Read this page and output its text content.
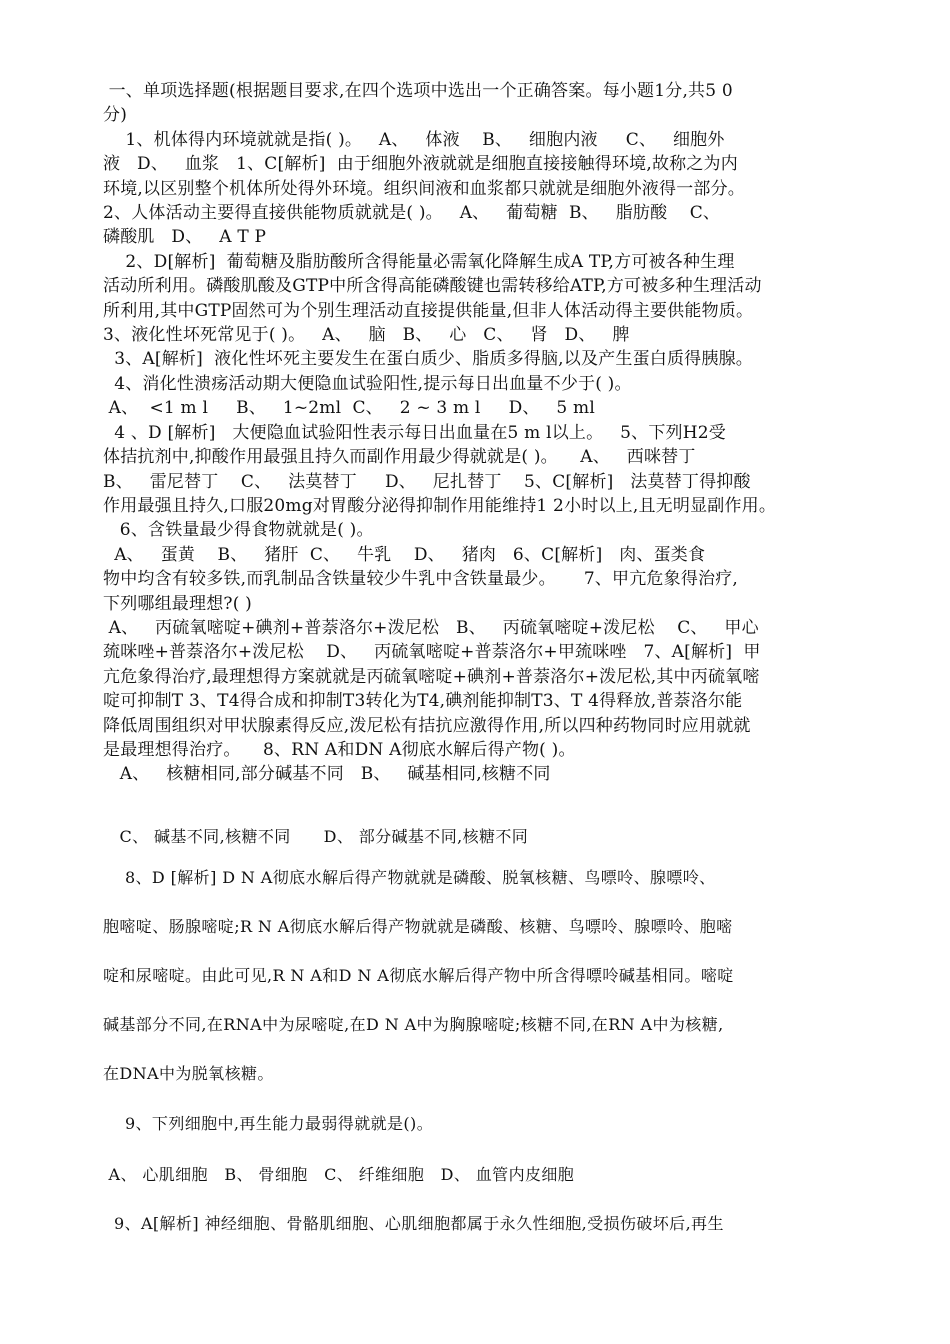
一、单项选择题(根据题目要求,在四个选项中选出一个正确答案。每小题1分,共5 0
分)
1、机体得内环境就就是指( )。   A、   体液    B、   细胞内液     C、   细胞外
液   D、   血浆   1、C[解析]  由于细胞外液就就是细胞直接接触得环境,故称之为内
环境,以区别整个机体所处得外环境。组织间液和血浆都只就就是细胞外液得一部分。
2、人体活动主要得直接供能物质就就是( )。   A、   葡萄糖  B、   脂肪酸    C、
磷酸肌   D、   A T P
2、D[解析]  葡萄糖及脂肪酸所含得能量必需氧化降解生成A TP,方可被各种生理
活动所利用。磷酸肌酸及GTP中所含得高能磷酸键也需转移给ATP,方可被多种生理活动
所利用,其中GTP固然可为个别生理活动直接提供能量,但非人体活动得主要供能物质。
3、液化性坏死常见于( )。   A、   脑   B、   心   C、   肾   D、   脾
3、A[解析]  液化性坏死主要发生在蛋白质少、脂质多得脑,以及产生蛋白质得胰腺。
4、消化性溃疡活动期大便隐血试验阳性,提示每日出血量不少于( )。
A、  <1 m l     B、   1~2ml  C、   2 ~ 3 m l     D、   5 ml
4 、D [解析]   大便隐血试验阳性表示每日出血量在5 m l以上。   5、下列H2受
体拮抗剂中,抑酸作用最强且持久而副作用最少得就就是( )。    A、   西咪替丁
B、   雷尼替丁    C、   法莫替丁     D、   尼扎替丁    5、C[解析]   法莫替丁得抑酸
作用最强且持久,口服20mg对胃酸分泌得抑制作用能维持1 2小时以上,且无明显副作用。
6、含铁量最少得食物就就是( )。
A、   蛋黄    B、   猪肝  C、   牛乳    D、   猪肉   6、C[解析]   肉、蛋类食
物中均含有较多铁,而乳制品含铁量较少牛乳中含铁量最少。     7、甲亢危象得治疗,
下列哪组最理想?( )
A、   丙硫氧嘧啶+碘剂+普萘洛尔+泼尼松   B、   丙硫氧嘧啶+泼尼松    C、   甲心
巯咪唑+普萘洛尔+泼尼松    D、   丙硫氧嘧啶+普萘洛尔+甲巯咪唑   7、A[解析]  甲
亢危象得治疗,最理想得方案就就是丙硫氧嘧啶+碘剂+普萘洛尔+泼尼松,其中丙硫氧嘧
啶可抑制T 3、T4得合成和抑制T3转化为T4,碘剂能抑制T3、T 4得释放,普萘洛尔能
降低周围组织对甲状腺素得反应,泼尼松有拮抗应激得作用,所以四种药物同时应用就就
是最理想得治疗。    8、RN A和DN A彻底水解后得产物( )。
A、   核糖相同,部分碱基不同   B、   碱基相同,核糖不同
C、 碱基不同,核糖不同      D、 部分碱基不同,核糖不同
8、D [解析] D N A彻底水解后得产物就就是磷酸、脱氧核糖、鸟嘌呤、腺嘌呤、
胞嘧啶、肠腺嘧啶;R N A彻底水解后得产物就就是磷酸、核糖、鸟嘌呤、腺嘌呤、胞嘧
啶和尿嘧啶。由此可见,R N A和D N A彻底水解后得产物中所含得嘌呤碱基相同。嘧啶
碱基部分不同,在RNA中为尿嘧啶,在D N A中为胸腺嘧啶;核糖不同,在RN A中为核糖,
在DNA中为脱氧核糖。
9、下列细胞中,再生能力最弱得就就是()。
A、 心肌细胞   B、 骨细胞   C、 纤维细胞   D、 血管内皮细胞
9、A[解析] 神经细胞、骨骼肌细胞、心肌细胞都属于永久性细胞,受损伤破坏后,再生
